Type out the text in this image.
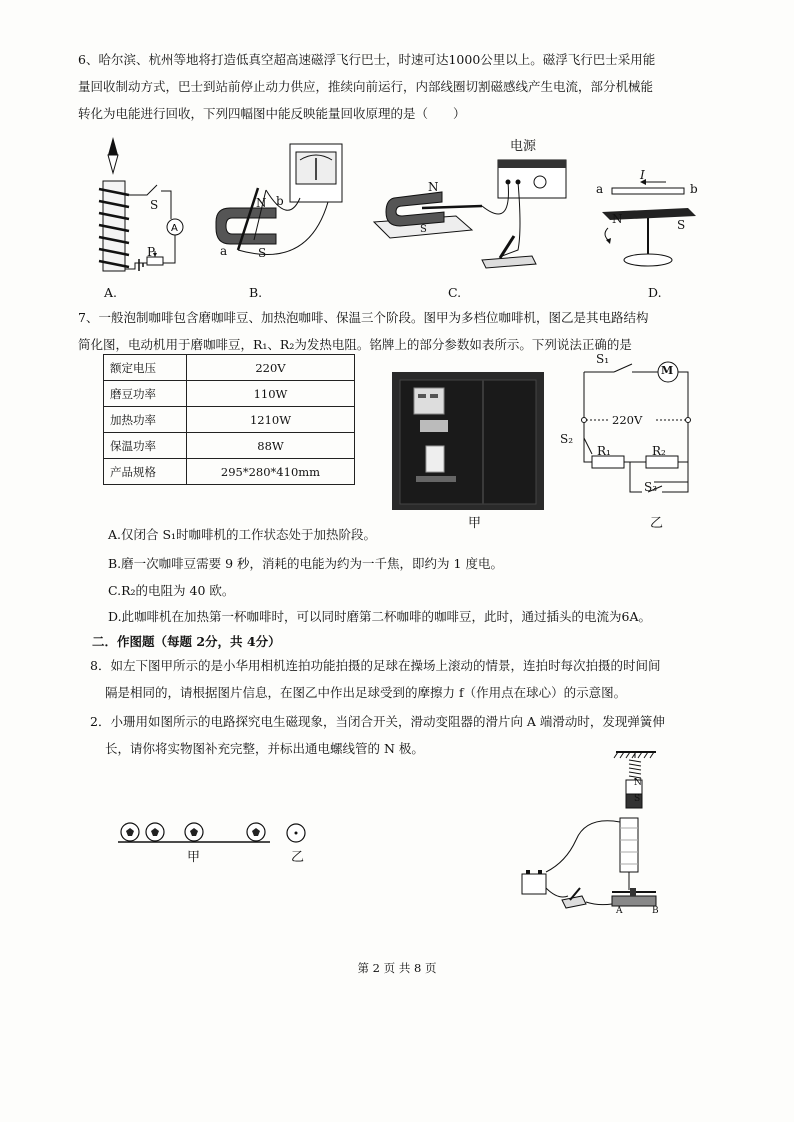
6、哈尔滨、杭州等地将打造低真空超高速磁浮飞行巴士，时速可达1000公里以上。磁浮飞行巴士采用能
量回收制动方式，巴士到站前停止动力供应，推续向前运行，内部线圈切割磁感线产生电流，部分机械能
转化为电能进行回收，下列四幅图中能反映能量回收原理的是（　　）
A
S
P
N b
a	S
电源
N
S
a	b
I
N	S
A.	B.	C.	D.
7、一般泡制咖啡包含磨咖啡豆、加热泡咖啡、保温三个阶段。图甲为多档位咖啡机，图乙是其电路结构
简化图，电动机用于磨咖啡豆，R₁、R₂为发热电阻。铭牌上的部分参数如表所示。下列说法正确的是
额定电压	220V
磨豆功率	110W
加热功率	1210W
保温功率	88W
产品规格	295*280*410mm
甲
S₁
M
220V
S₂
R₁	R₂
S₃
乙
A.仅闭合 S₁时咖啡机的工作状态处于加热阶段。
B.磨一次咖啡豆需要 9 秒，消耗的电能为约为一千焦，即约为 1 度电。
C.R₂的电阻为 40 欧。
D.此咖啡机在加热第一杯咖啡时，可以同时磨第二杯咖啡的咖啡豆，此时，通过插头的电流为6A。
二．作图题（每题 2分，共 4分）
8．如左下图甲所示的是小华用相机连拍功能拍摄的足球在操场上滚动的情景，连拍时每次拍摄的时间间
隔是相同的，请根据图片信息，在图乙中作出足球受到的摩擦力 f（作用点在球心）的示意图。
2．小珊用如图所示的电路探究电生磁现象，当闭合开关，滑动变阻器的滑片向 A 端滑动时，发现弹簧伸
长，请你将实物图补充完整，并标出通电螺线管的 N 极。
甲	乙
N
S
A	B
第 2 页 共 8 页
